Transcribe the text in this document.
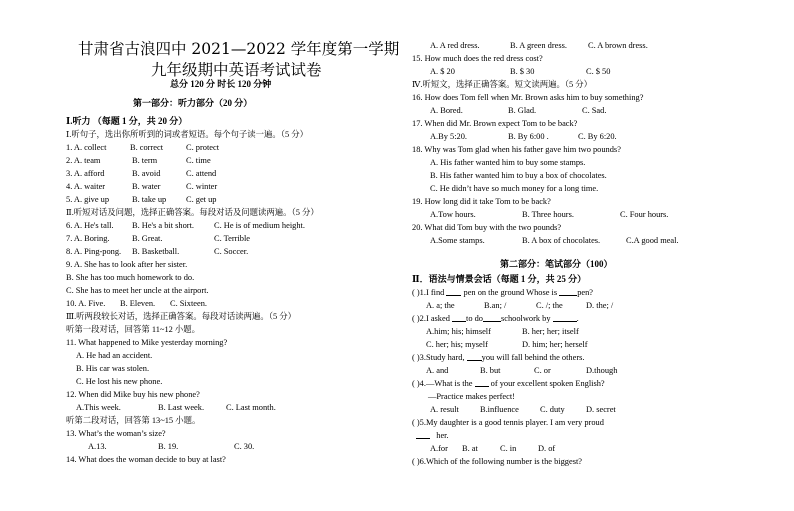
甘肃省古浪四中 2021—2022 学年度第一学期
九年级期中英语考试试卷
总分 120 分 时长 120 分钟
第一部分：听力部分（20 分）
Ⅰ.听力 （每题 1 分，共 20 分）
Ⅰ.听句子，选出你所听到的词或者短语。每个句子读一遍。（5 分）
1. A. collect	B. correct	C. protect
2. A. team	B. term	C. time
3. A. afford	B. avoid	C. attend
4. A. waiter	B. water	C. winter
5. A. give up	B. take up C. get up
Ⅱ.听短对话及问题，选择正确答案。每段对话及问题读两遍。（5 分）
6. A. He's tall. B. He's a bit short. C. He is of medium height.
7. A. Boring.	B. Great.	C. Terrible
8. A. Ping-pong. B. Basketball.	C. Soccer.
9. A. She has to look after her sister.
B. She has too much homework to do.
C. She has to meet her uncle at the airport.
10. A. Five. B. Eleven. C. Sixteen.
Ⅲ.听两段较长对话，选择正确答案。每段对话读两遍。（5 分）
听第一段对话，回答第 11~12 小题。
11. What happened to Mike yesterday morning?
A. He had an accident.
B. His car was stolen.
C. He lost his new phone.
12. When did Mike buy his new phone?
A.This week.	B. Last week.	C. Last month.
听第二段对话，回答第 13~15 小题。
13. What’s the woman’s size?
A.13.	B. 19.	C. 30.
14. What does the woman decide to buy at last?
A. A red dress.	B. A green dress.	C. A brown dress.
15. How much does the red dress cost?
A. $ 20	B. $ 30	C. $ 50
Ⅳ.听短文，选择正确答案。短文读两遍。（5 分）
16. How does Tom fell when Mr. Brown asks him to buy something?
A. Bored.	B. Glad.	C. Sad.
17. When did Mr. Brown expect Tom to be back?
A.By 5:20.	B. By 6:00 .	C. By 6:20.
18. Why was Tom glad when his father gave him two pounds?
A. His father wanted him to buy some stamps.
B. His father wanted him to buy a box of chocolates.
C. He didn’t have so much money for a long time.
19. How long did it take Tom to be back?
A.Tow hours.	B. Three hours.	C. Four hours.
20. What did Tom buy with the two pounds?
A.Some stamps.	B. A box of chocolates.	C.A good meal.
第二部分：笔试部分（100）
Ⅱ．语法与情景会话（每题 1 分，共 25 分）
( )1.I find pen on the ground Whose is pen?
A. a; the	B.an; /	C. /; the	D. the; /
( )2.I asked to do schoolwork by	.
A.him; his; himself	B. her; her; itself
C. her; his; myself	D. him; her; herself
( )3.Study hard, you will fall behind the others.
A. and	B. but	C. or	D.though
( )4.—What is the of your excellent spoken English?
—Practice makes perfect!
A. result	B.influence	C. duty	D. secret
( )5.My daughter is a good tennis player. I am very proud
her.
A.for B. at	C. in	D. of
( )6.Which of the following number is the biggest?
